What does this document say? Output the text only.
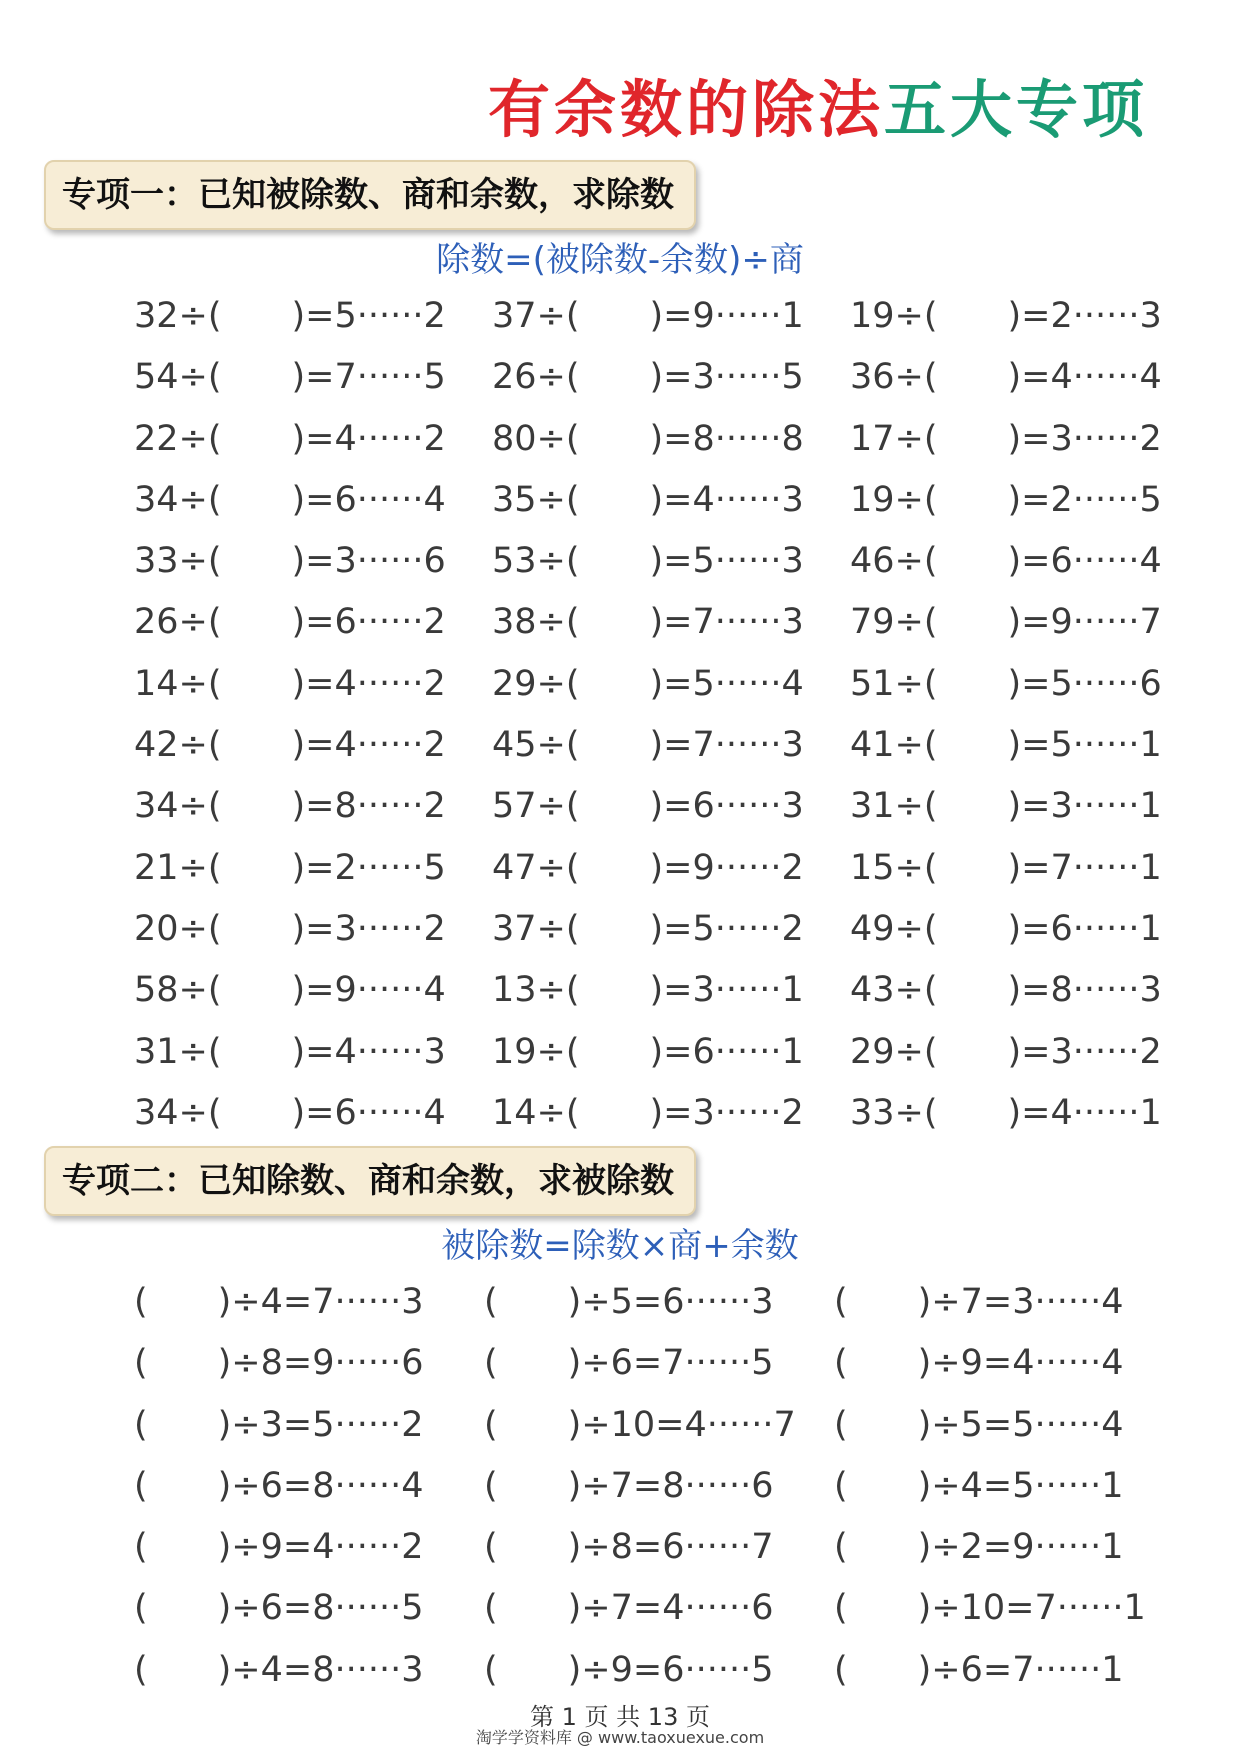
有余数的除法五大专项
专项一：已知被除数、商和余数，求除数
除数=(被除数-余数)÷商
32÷(　　)=5······2 37÷(　　)=9······1 19÷(　　)=2······3
54÷(　　)=7······5 26÷(　　)=3······5 36÷(　　)=4······4
22÷(　　)=4······2 80÷(　　)=8······8 17÷(　　)=3······2
34÷(　　)=6······4 35÷(　　)=4······3 19÷(　　)=2······5
33÷(　　)=3······6 53÷(　　)=5······3 46÷(　　)=6······4
26÷(　　)=6······2 38÷(　　)=7······3 79÷(　　)=9······7
14÷(　　)=4······2 29÷(　　)=5······4 51÷(　　)=5······6
42÷(　　)=4······2 45÷(　　)=7······3 41÷(　　)=5······1
34÷(　　)=8······2 57÷(　　)=6······3 31÷(　　)=3······1
21÷(　　)=2······5 47÷(　　)=9······2 15÷(　　)=7······1
20÷(　　)=3······2 37÷(　　)=5······2 49÷(　　)=6······1
58÷(　　)=9······4 13÷(　　)=3······1 43÷(　　)=8······3
31÷(　　)=4······3 19÷(　　)=6······1 29÷(　　)=3······2
34÷(　　)=6······4 14÷(　　)=3······2 33÷(　　)=4······1
专项二：已知除数、商和余数，求被除数
被除数=除数×商+余数
(　　)÷4=7······3 (　　)÷5=6······3 (　　)÷7=3······4
(　　)÷8=9······6 (　　)÷6=7······5 (　　)÷9=4······4
(　　)÷3=5······2 (　　)÷10=4······7 (　　)÷5=5······4
(　　)÷6=8······4 (　　)÷7=8······6 (　　)÷4=5······1
(　　)÷9=4······2 (　　)÷8=6······7 (　　)÷2=9······1
(　　)÷6=8······5 (　　)÷7=4······6 (　　)÷10=7······1
(　　)÷4=8······3 (　　)÷9=6······5 (　　)÷6=7······1
第 1 页 共 13 页
淘学学资料库 @ www.taoxuexue.com
